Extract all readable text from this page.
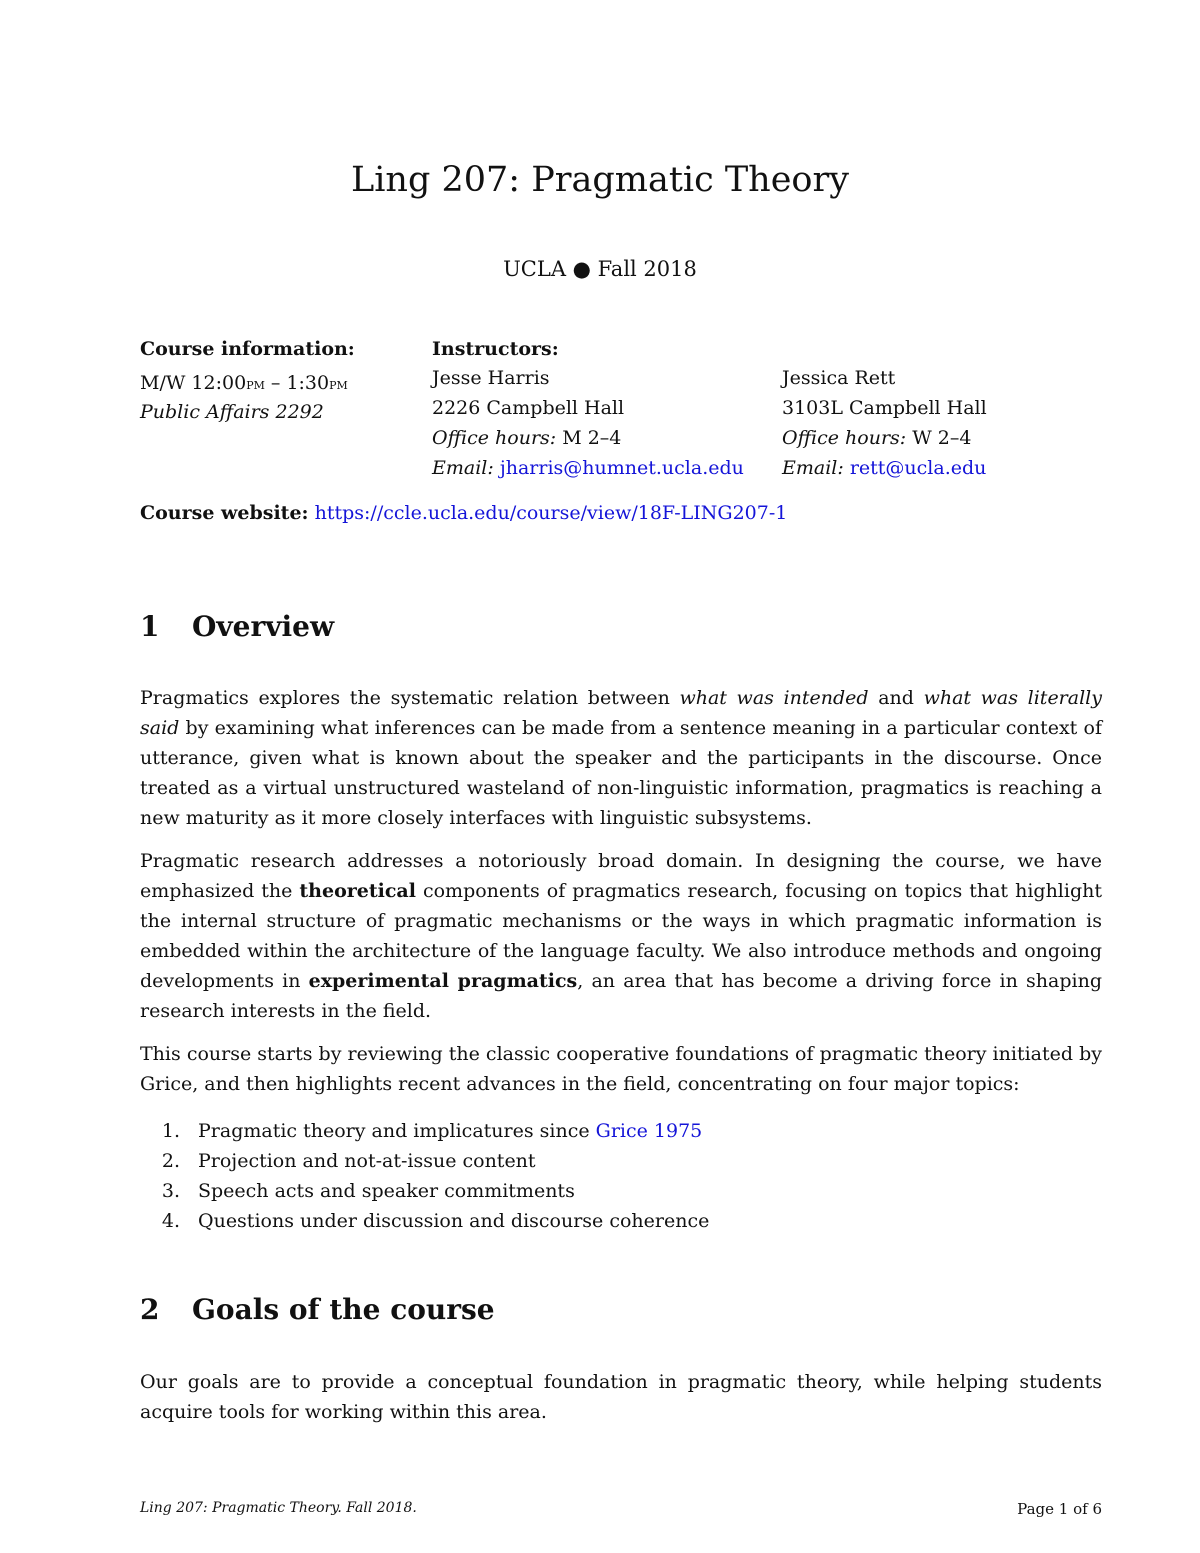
Ling 207: Pragmatic Theory
UCLA ● Fall 2018
Course information:
M/W 12:00pm – 1:30pm
Public Affairs 2292
Instructors:
Jesse Harris
2226 Campbell Hall
Office hours: M 2–4
Email: jharris@humnet.ucla.edu
Jessica Rett
3103L Campbell Hall
Office hours: W 2–4
Email: rett@ucla.edu
Course website: https://ccle.ucla.edu/course/view/18F-LING207-1
1 Overview

Pragmatics explores the systematic relation between what was intended and what was literally said by examining what inferences can be made from a sentence meaning in a particular context of utterance, given what is known about the speaker and the participants in the discourse. Once treated as a virtual unstructured wasteland of non-linguistic information, pragmatics is reaching a new maturity as it more closely interfaces with linguistic subsystems.

Pragmatic research addresses a notoriously broad domain. In designing the course, we have emphasized the theoretical components of pragmatics research, focusing on topics that highlight the internal structure of pragmatic mechanisms or the ways in which pragmatic information is embedded within the architecture of the language faculty. We also introduce methods and ongoing developments in experimental pragmatics, an area that has become a driving force in shaping research interests in the field.

This course starts by reviewing the classic cooperative foundations of pragmatic theory initiated by Grice, and then highlights recent advances in the field, concentrating on four major topics:

1. Pragmatic theory and implicatures since Grice 1975
2. Projection and not-at-issue content
3. Speech acts and speaker commitments
4. Questions under discussion and discourse coherence
2 Goals of the course

Our goals are to provide a conceptual foundation in pragmatic theory, while helping students acquire tools for working within this area.

Ling 207: Pragmatic Theory. Fall 2018.	Page 1 of 6
